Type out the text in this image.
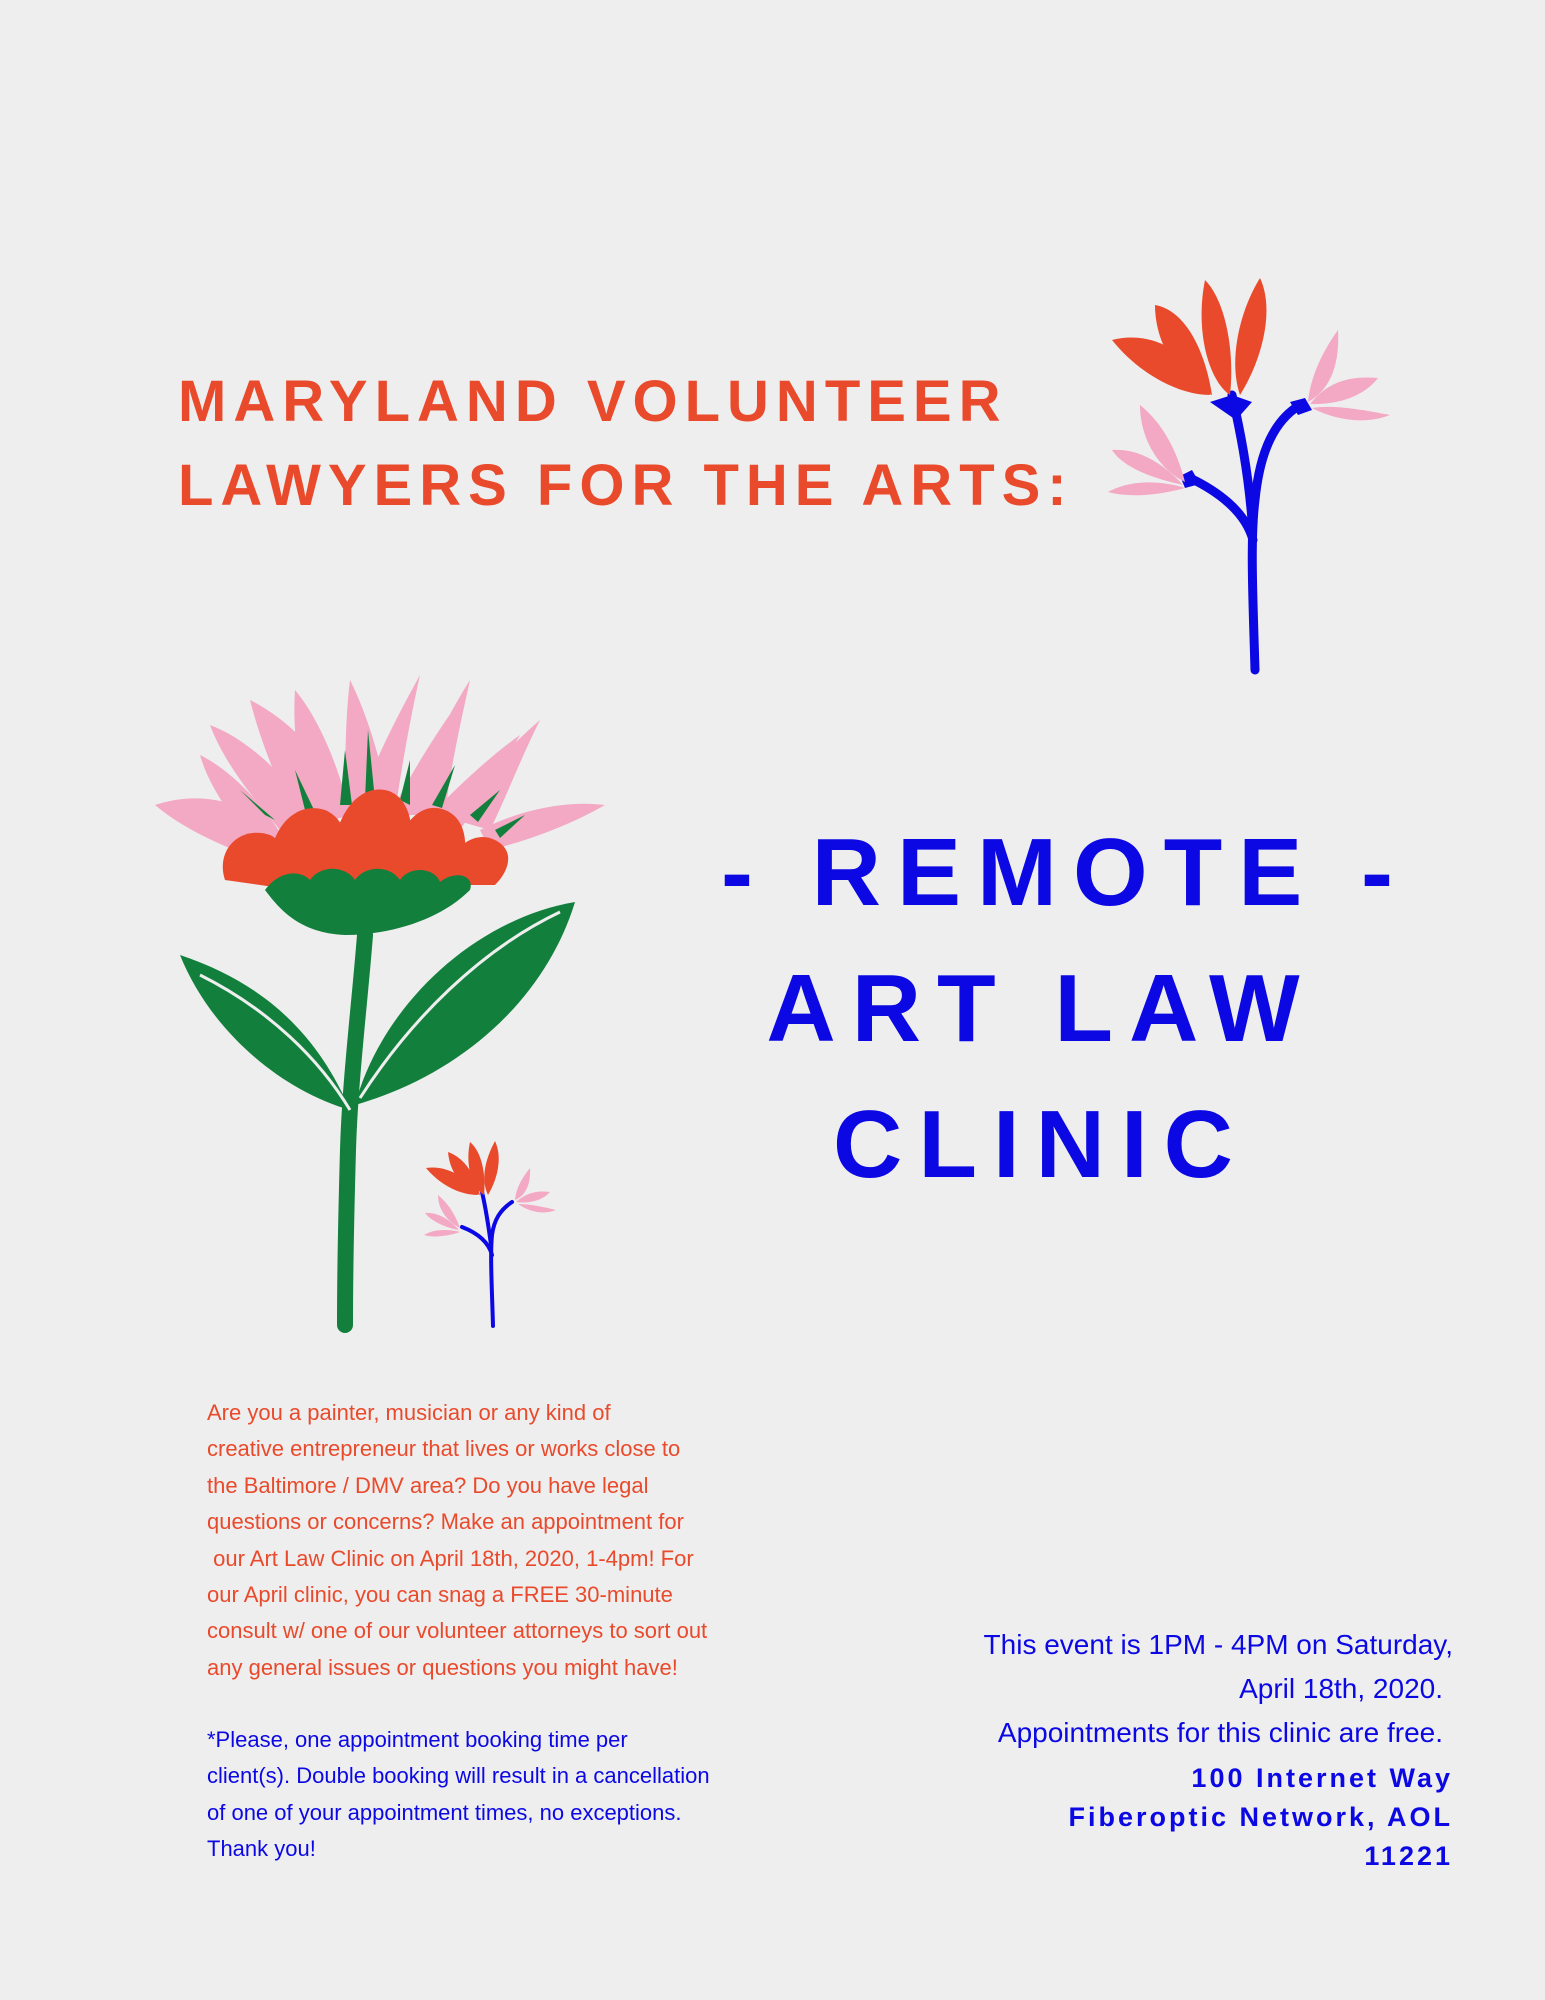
MARYLAND VOLUNTEER
LAWYERS FOR THE ARTS:
- REMOTE -
ART LAW
CLINIC

Are you a painter, musician or any kind of

creative entrepreneur that lives or works close to

the Baltimore / DMV area? Do you have legal

questions or concerns? Make an appointment for

our Art Law Clinic on April 18th, 2020, 1-4pm! For

our April clinic, you can snag a FREE 30-minute

consult w/ one of our volunteer attorneys to sort out

any general issues or questions you might have!

*Please, one appointment booking time per

client(s). Double booking will result in a cancellation

of one of your appointment times, no exceptions.

Thank you!

This event is 1PM - 4PM on Saturday,

April 18th, 2020.

Appointments for this clinic are free.

100 Internet Way

Fiberoptic Network, AOL

11221
